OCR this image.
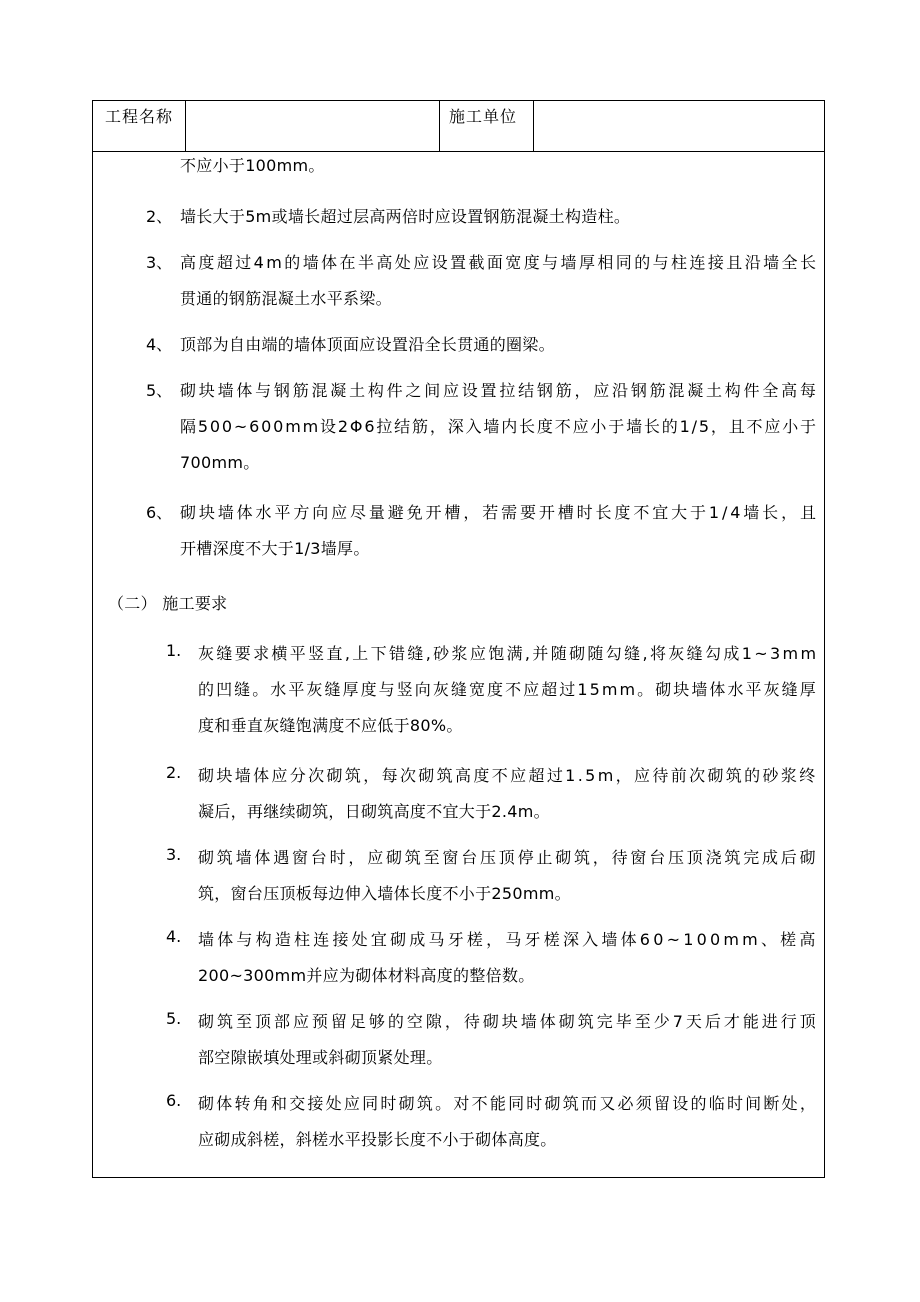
工程名称	施工单位
不应小于100mm。
2、 墙长大于5m或墙长超过层高两倍时应设置钢筋混凝土构造柱。
3、 高度超过4m的墙体在半高处应设置截面宽度与墙厚相同的与柱连接且沿墙全长
贯通的钢筋混凝土水平系梁。
4、 顶部为自由端的墙体顶面应设置沿全长贯通的圈梁。
5、 砌块墙体与钢筋混凝土构件之间应设置拉结钢筋，应沿钢筋混凝土构件全高每
隔500~600mm设2Φ6拉结筋，深入墙内长度不应小于墙长的1/5，且不应小于
700mm。
6、 砌块墙体水平方向应尽量避免开槽，若需要开槽时长度不宜大于1/4墙长，且
开槽深度不大于1/3墙厚。
（二） 施工要求
1. 灰缝要求横平竖直,上下错缝,砂浆应饱满,并随砌随勾缝,将灰缝勾成1~3mm
的凹缝。水平灰缝厚度与竖向灰缝宽度不应超过15mm。砌块墙体水平灰缝厚
度和垂直灰缝饱满度不应低于80%。
2. 砌块墙体应分次砌筑，每次砌筑高度不应超过1.5m，应待前次砌筑的砂浆终
凝后，再继续砌筑，日砌筑高度不宜大于2.4m。
3. 砌筑墙体遇窗台时，应砌筑至窗台压顶停止砌筑，待窗台压顶浇筑完成后砌
筑，窗台压顶板每边伸入墙体长度不小于250mm。
4. 墙体与构造柱连接处宜砌成马牙槎，马牙槎深入墙体60~100mm、槎高
200~300mm并应为砌体材料高度的整倍数。
5. 砌筑至顶部应预留足够的空隙，待砌块墙体砌筑完毕至少7天后才能进行顶
部空隙嵌填处理或斜砌顶紧处理。
6. 砌体转角和交接处应同时砌筑。对不能同时砌筑而又必须留设的临时间断处，
应砌成斜槎，斜槎水平投影长度不小于砌体高度。
